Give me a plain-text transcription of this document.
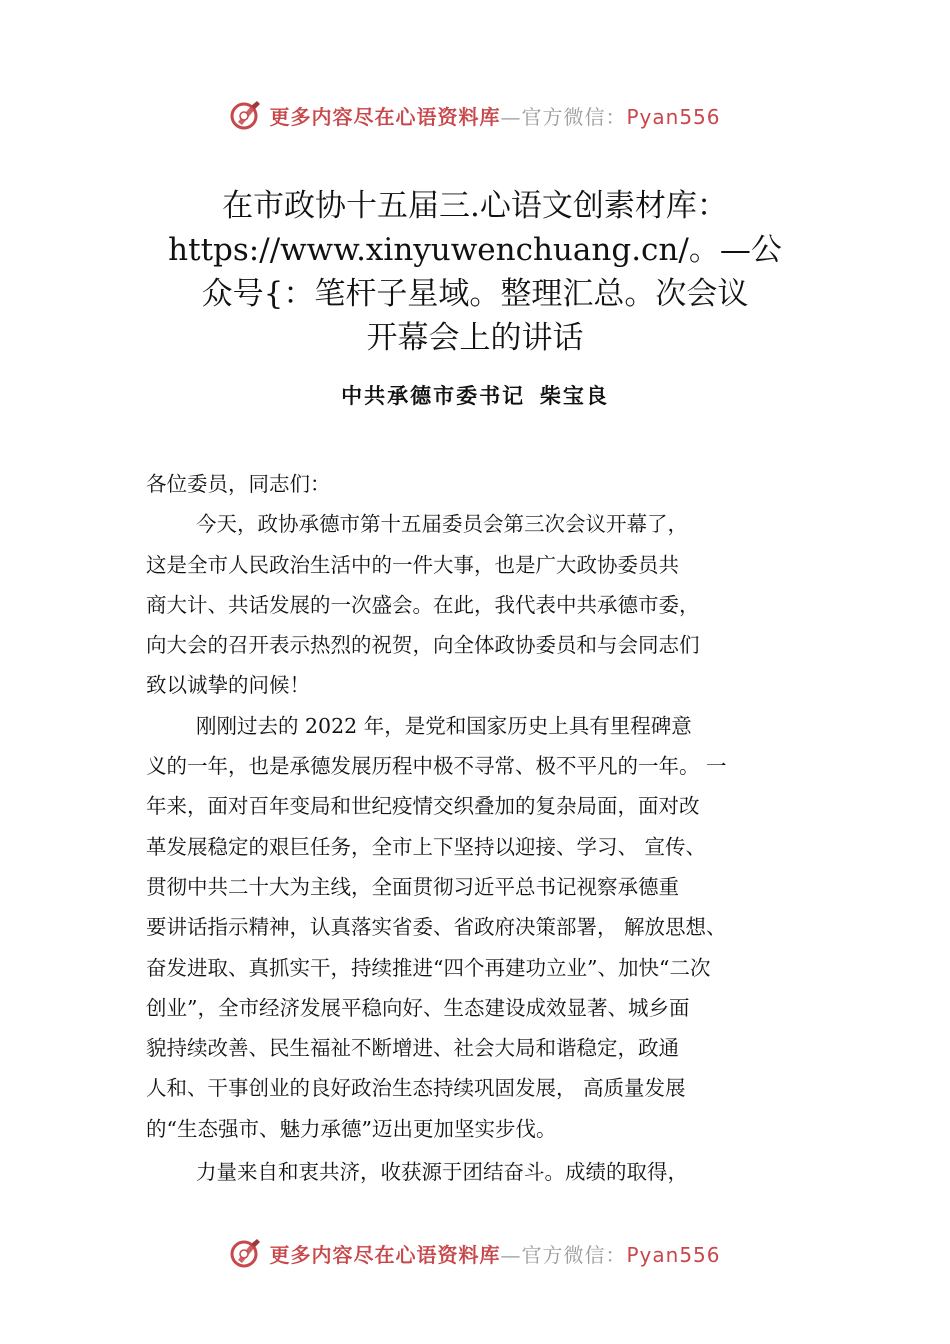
更多内容尽在心语资料库—官方微信：Pyan556
在市政协十五届三.心语文创素材库：
https://www.xinyuwenchuang.cn/。—公
众号{：笔杆子星域。整理汇总。次会议
开幕会上的讲话
中共承德市委书记 柴宝良
各位委员，同志们：
今天，政协承德市第十五届委员会第三次会议开幕了，
这是全市人民政治生活中的一件大事，也是广大政协委员共
商大计、共话发展的一次盛会。在此，我代表中共承德市委，
向大会的召开表示热烈的祝贺，向全体政协委员和与会同志们
致以诚挚的问候！
刚刚过去的 2022 年，是党和国家历史上具有里程碑意
义的一年，也是承德发展历程中极不寻常、极不平凡的一年。 一
年来，面对百年变局和世纪疫情交织叠加的复杂局面，面对改
革发展稳定的艰巨任务，全市上下坚持以迎接、学习、 宣传、
贯彻中共二十大为主线，全面贯彻习近平总书记视察承德重
要讲话指示精神，认真落实省委、省政府决策部署， 解放思想、
奋发进取、真抓实干，持续推进“四个再建功立业”、加快“二次
创业”，全市经济发展平稳向好、生态建设成效显著、城乡面
貌持续改善、民生福祉不断增进、社会大局和谐稳定，政通
人和、干事创业的良好政治生态持续巩固发展， 高质量发展
的“生态强市、魅力承德”迈出更加坚实步伐。
力量来自和衷共济，收获源于团结奋斗。成绩的取得，
更多内容尽在心语资料库—官方微信：Pyan556
